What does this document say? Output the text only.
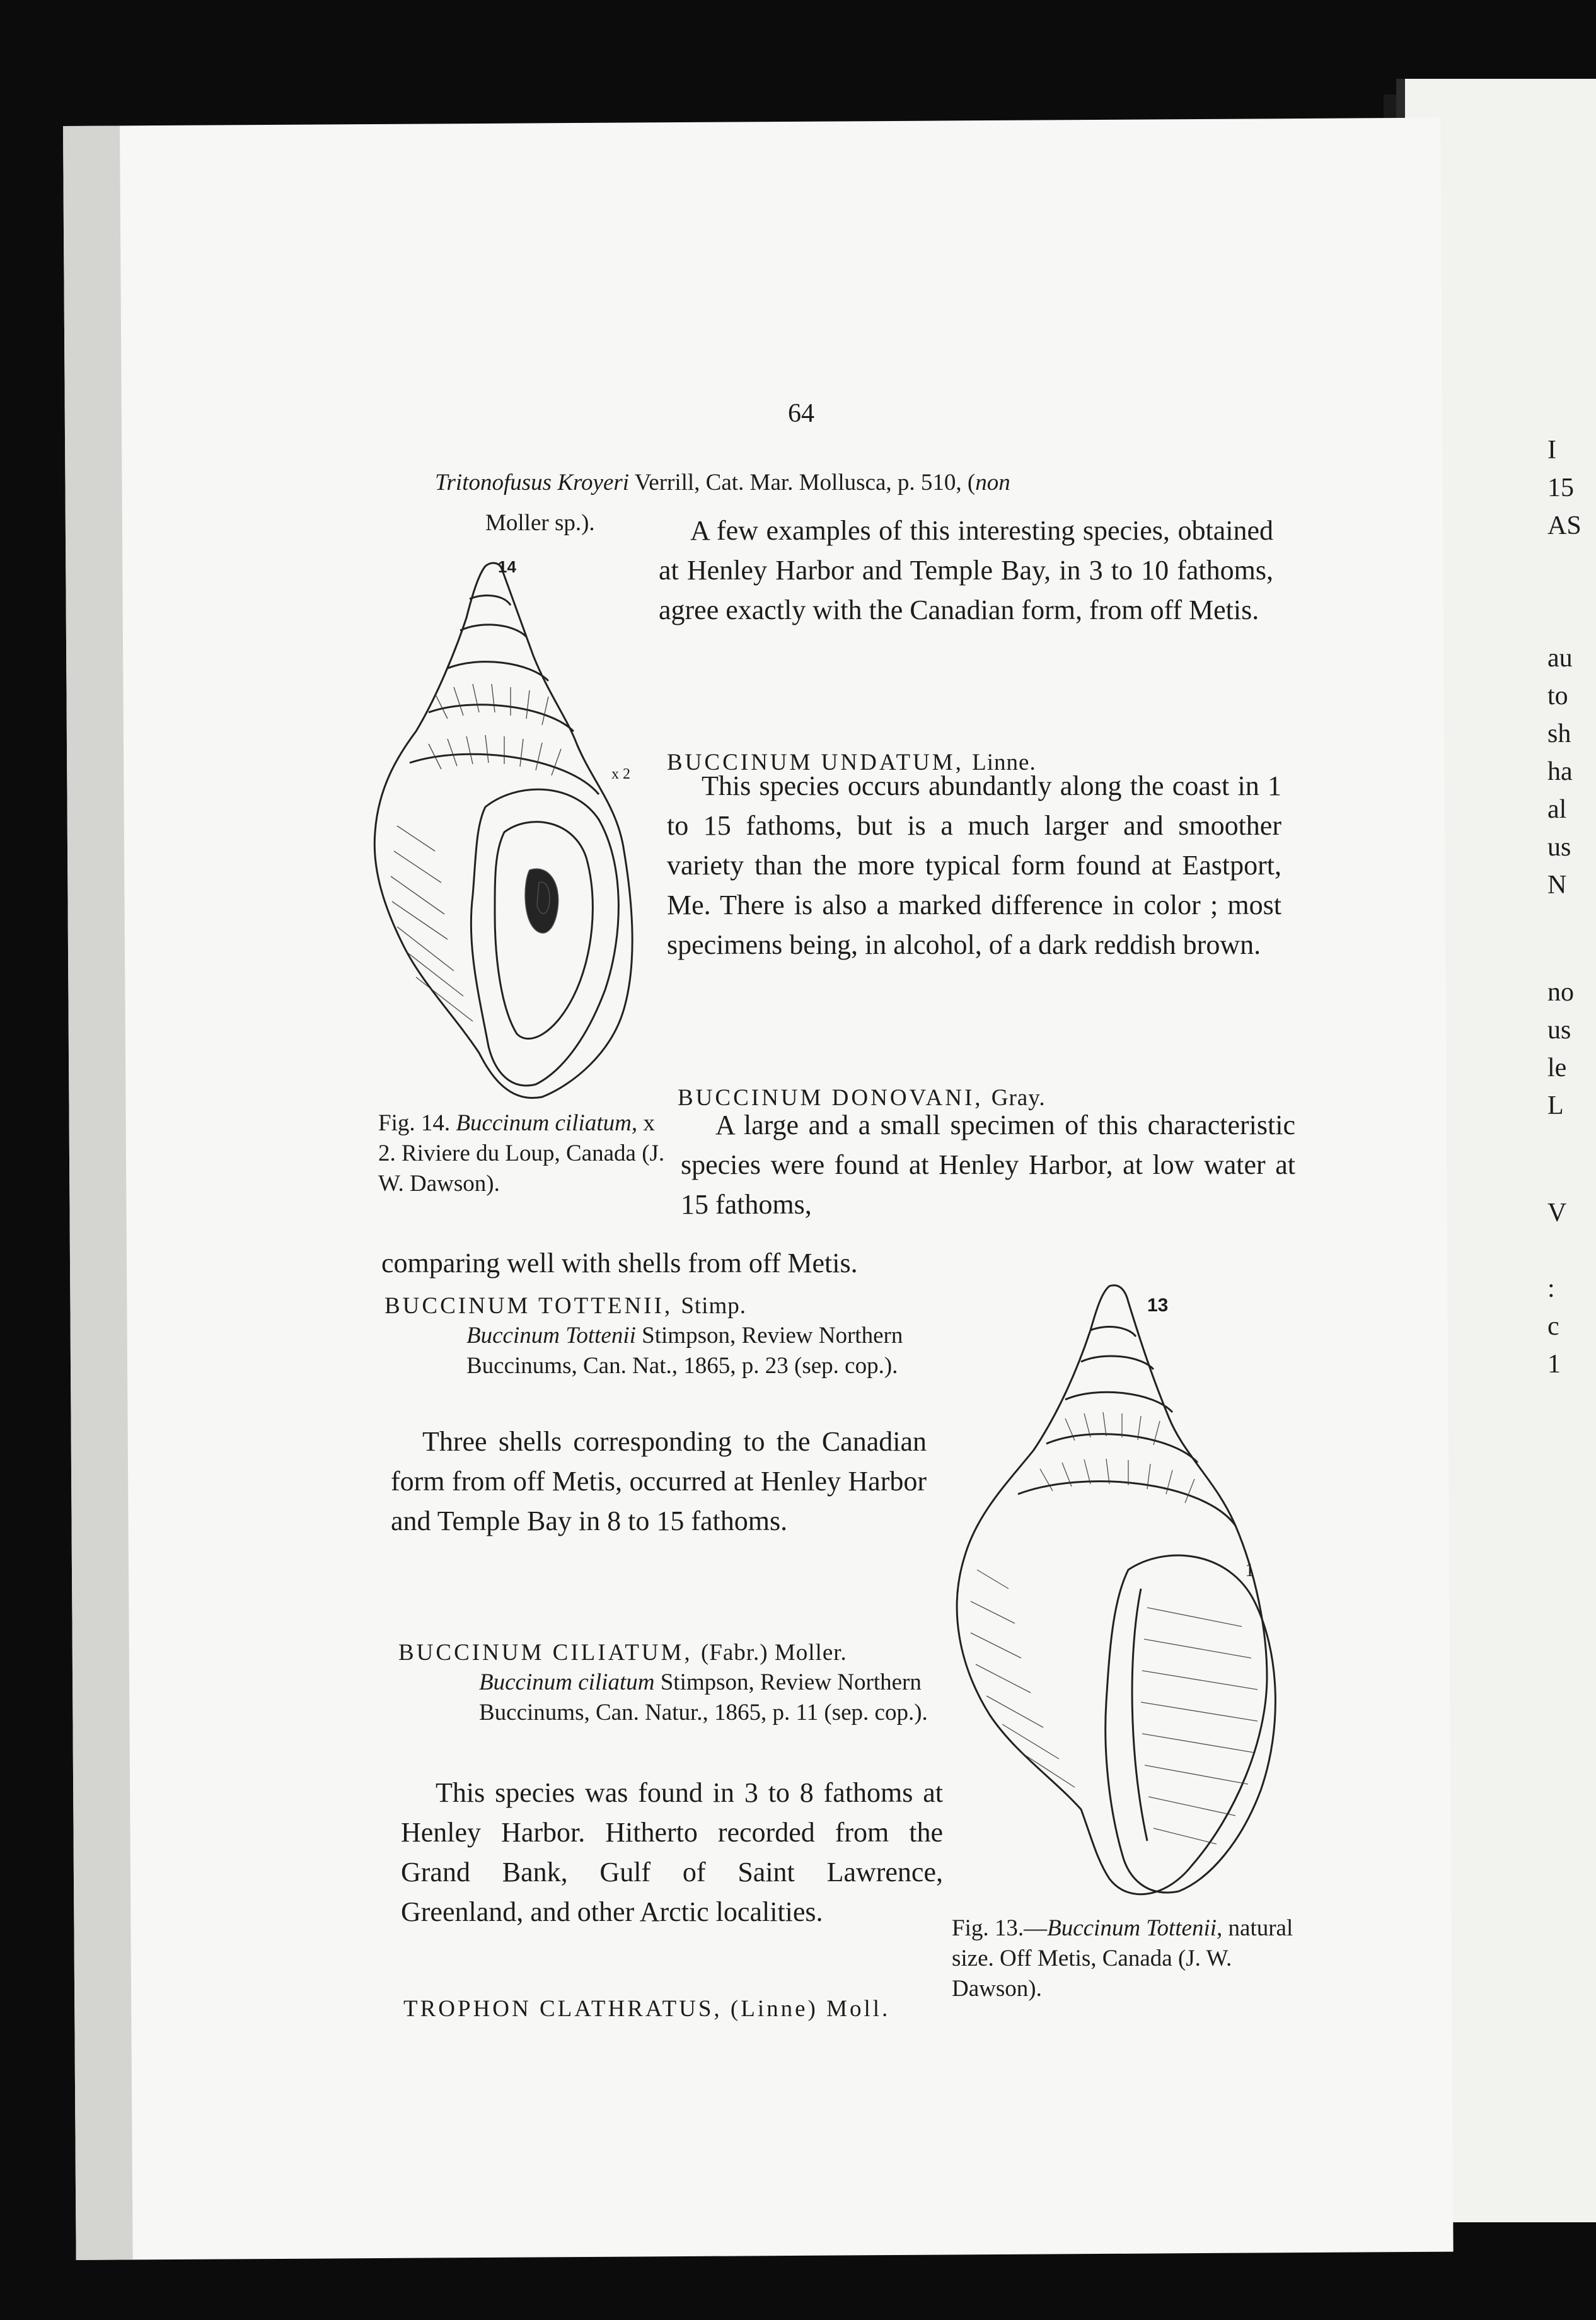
I
15
AS
au
to
sh
ha
al
us
N
no
us
le
L
V
:
c
1

64

Tritonofusus Kroyeri Verrill, Cat. Mar. Mollusca, p. 510, (non

Moller sp.).	A few examples of this interesting species, obtained at Henley Harbor and Temple Bay, in 3 to 10 fathoms, agree exactly with the Canadian form, from off Metis.

14
x 2 BUCCINUM UNDATUM, Linne.

This species occurs abundantly along the coast in 1 to 15 fathoms, but is a much larger and smoother variety than the more typical form found at Eastport, Me. There is also a marked difference in color ; most specimens being, in alcohol, of a dark reddish brown.

BUCCINUM DONOVANI, Gray.

Fig. 14. Buccinum ciliatum, x 2. Riviere du Loup, Canada (J. W. Dawson).

A large and a small specimen of this characteristic species were found at Henley Harbor, at low water at 15 fathoms,

comparing well with shells from off Metis.

BUCCINUM TOTTENII, Stimp.

Buccinum Tottenii Stimpson, Review Northern Buccinums, Can. Nat., 1865, p. 23 (sep. cop.).

Three shells corresponding to the Canadian form from off Metis, occurred at Henley Harbor and Temple Bay in 8 to 15 fathoms.

BUCCINUM CILIATUM, (Fabr.) Moller.

Buccinum ciliatum Stimpson, Review Northern Buccinums, Can. Natur., 1865, p. 11 (sep. cop.).

This species was found in 3 to 8 fathoms at Henley Harbor. Hitherto recorded from the Grand Bank, Gulf of Saint Lawrence, Greenland, and other Arctic localities.

TROPHON CLATHRATUS, (Linne) Moll.

13
1

Fig. 13.—Buccinum Tottenii, natural size. Off Metis, Canada (J. W. Dawson).
